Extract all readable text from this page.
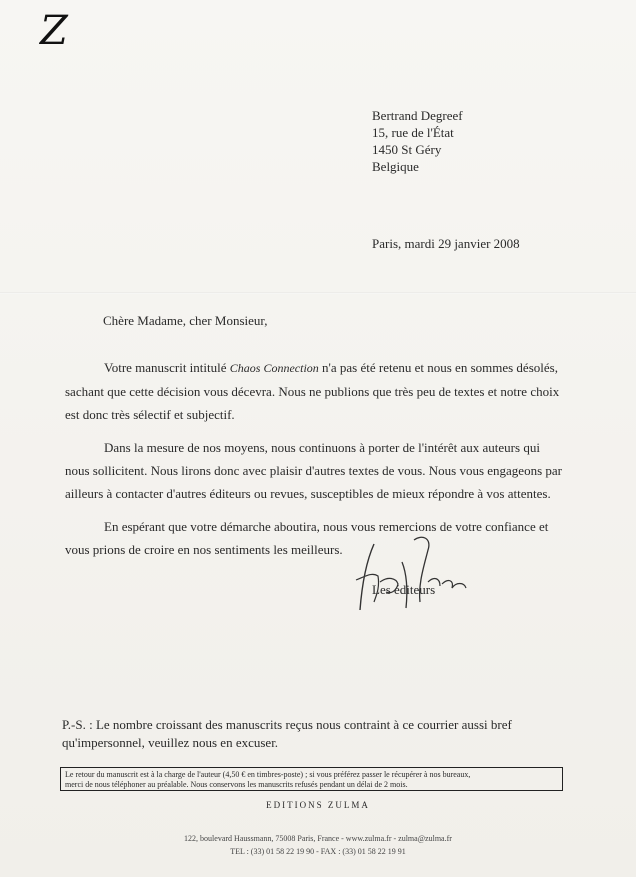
Z
Bertrand Degreef
15, rue de l'État
1450 St Géry
Belgique
Paris, mardi 29 janvier 2008
Chère Madame, cher Monsieur,
Votre manuscrit intitulé Chaos Connection n'a pas été retenu et nous en sommes désolés,
sachant que cette décision vous décevra. Nous ne publions que très peu de textes et notre choix
est donc très sélectif et subjectif.
Dans la mesure de nos moyens, nous continuons à porter de l'intérêt aux auteurs qui
nous sollicitent. Nous lirons donc avec plaisir d'autres textes de vous. Nous vous engageons par
ailleurs à contacter d'autres éditeurs ou revues, susceptibles de mieux répondre à vos attentes.
En espérant que votre démarche aboutira, nous vous remercions de votre confiance et
vous prions de croire en nos sentiments les meilleurs.
Les éditeurs
P.-S. : Le nombre croissant des manuscrits reçus nous contraint à ce courrier aussi bref
qu'impersonnel, veuillez nous en excuser.
Le retour du manuscrit est à la charge de l'auteur (4,50 € en timbres-poste) ; si vous préférez passer le récupérer à nos bureaux,
merci de nous téléphoner au préalable. Nous conservons les manuscrits refusés pendant un délai de 2 mois.
EDITIONS ZULMA
122, boulevard Haussmann, 75008 Paris, France - www.zulma.fr - zulma@zulma.fr
TEL : (33) 01 58 22 19 90 - FAX : (33) 01 58 22 19 91
